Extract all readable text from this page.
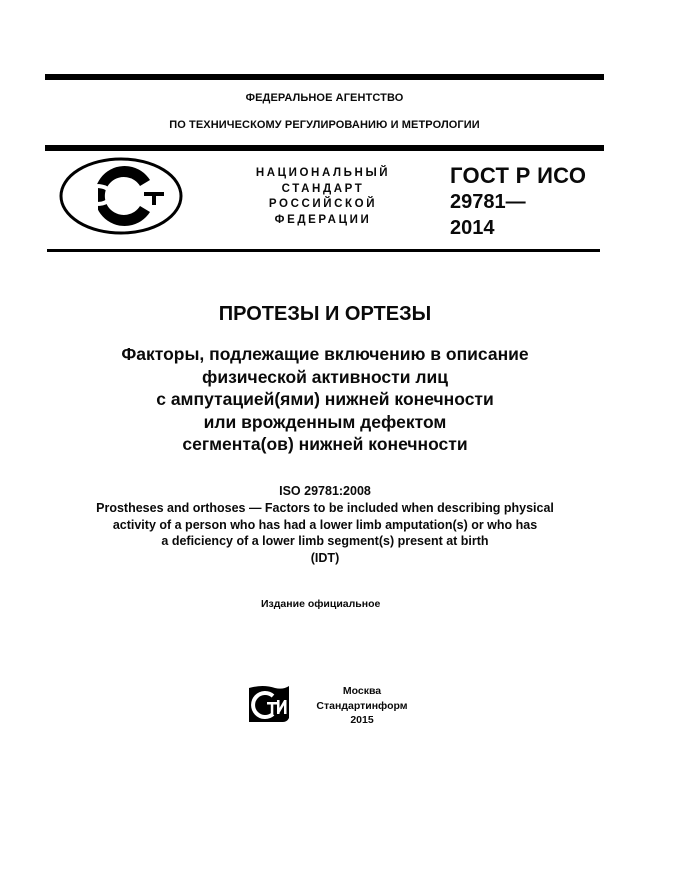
ФЕДЕРАЛЬНОЕ АГЕНТСТВО
ПО ТЕХНИЧЕСКОМУ РЕГУЛИРОВАНИЮ И МЕТРОЛОГИИ
НАЦИОНАЛЬНЫЙ
СТАНДАРТ
РОССИЙСКОЙ
ФЕДЕРАЦИИ
ГОСТ Р ИСО
29781—
2014
ПРОТЕЗЫ И ОРТЕЗЫ
Факторы, подлежащие включению в описание
физической активности лиц
с ампутацией(ями) нижней конечности
или врожденным дефектом
сегмента(ов) нижней конечности
ISO 29781:2008
Prostheses and orthoses — Factors to be included when describing physical
activity of a person who has had a lower limb amputation(s) or who has
a deficiency of a lower limb segment(s) present at birth
(IDT)
Издание официальное
Москва
Стандартинформ
2015
